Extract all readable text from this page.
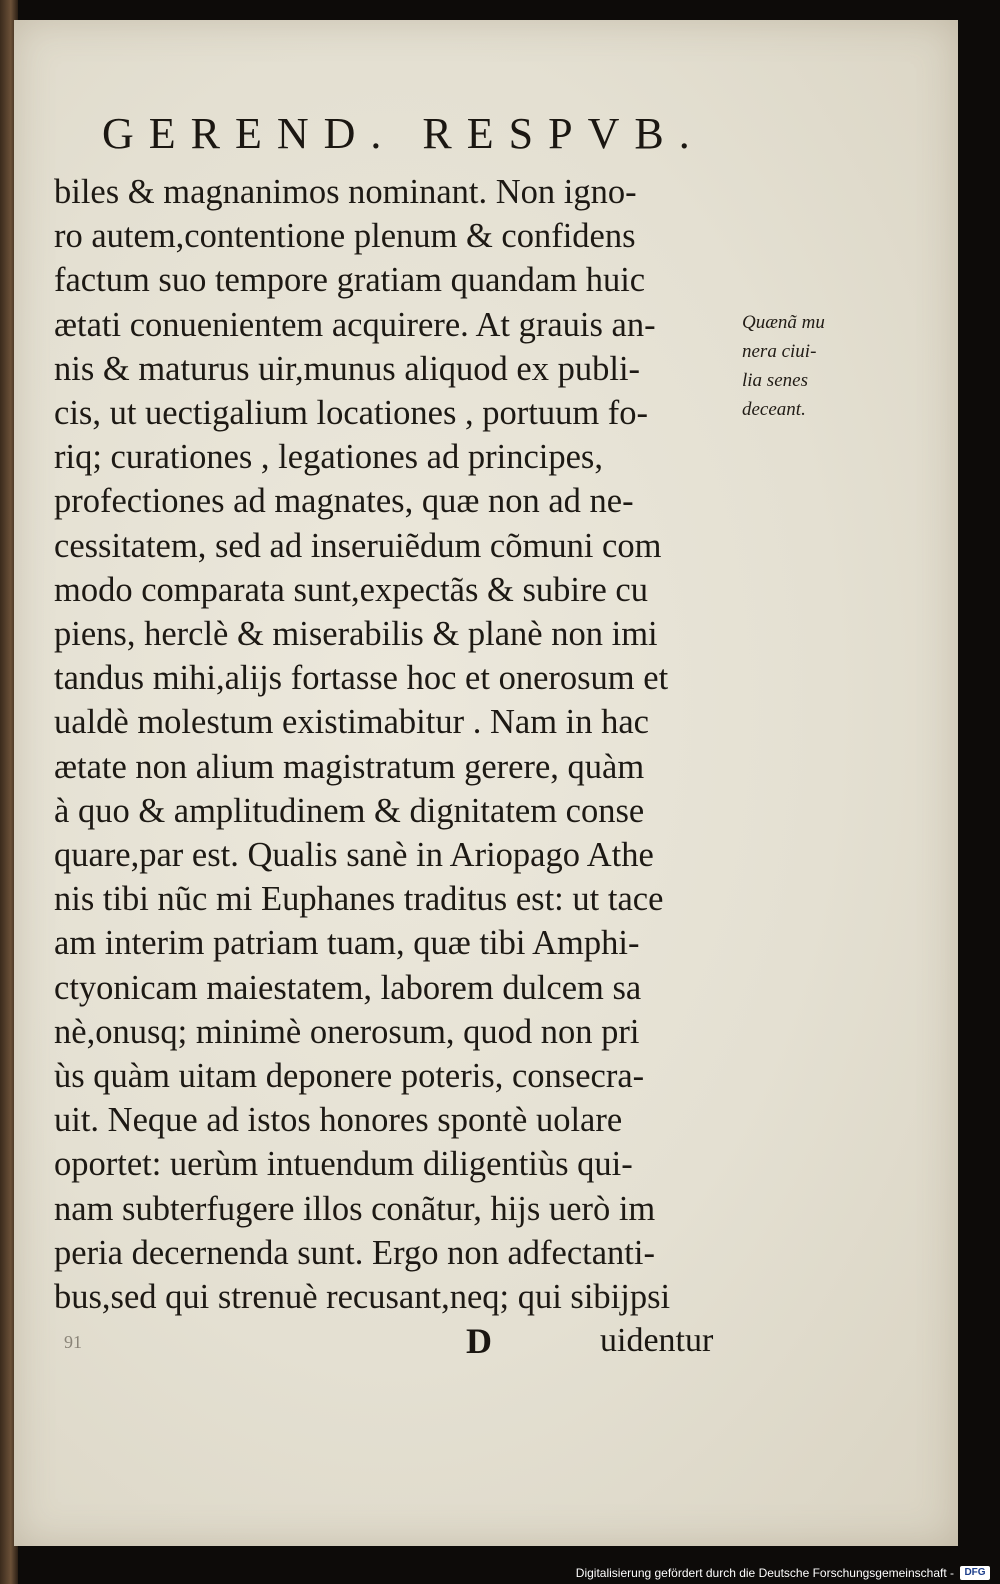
GEREND. RESPVB.
biles & magnanimos nominant. Non igno-
ro autem,contentione plenum & confidens
factum suo tempore gratiam quandam huic
ætati conuenientem acquirere. At grauis an-
nis & maturus uir,munus aliquod ex publi-
cis, ut uectigalium locationes , portuum fo-
riq; curationes , legationes ad principes,
profectiones ad magnates, quæ non ad ne-
cessitatem, sed ad inseruiẽdum cõmuni com
modo comparata sunt,expectãs & subire cu
piens, herclè & miserabilis & planè non imi
tandus mihi,alijs fortasse hoc et onerosum et
ualdè molestum existimabitur . Nam in hac
ætate non alium magistratum gerere, quàm
à quo & amplitudinem & dignitatem conse
quare,par est. Qualis sanè in Ariopago Athe
nis tibi nũc mi Euphanes traditus est: ut tace
am interim patriam tuam, quæ tibi Amphi-
ctyonicam maiestatem, laborem dulcem sa
nè,onusq; minimè onerosum, quod non pri
ùs quàm uitam deponere poteris, consecra-
uit. Neque ad istos honores spontè uolare
oportet: uerùm intuendum diligentiùs qui-
nam subterfugere illos conãtur, hijs uerò im
peria decernenda sunt. Ergo non adfectanti-
bus,sed qui strenuè recusant,neq; qui sibijpsi
Quænã mu
nera ciui-
lia senes
deceant.
91	D	uidentur
Digitalisierung gefördert durch die Deutsche Forschungsgemeinschaft -	DFG
